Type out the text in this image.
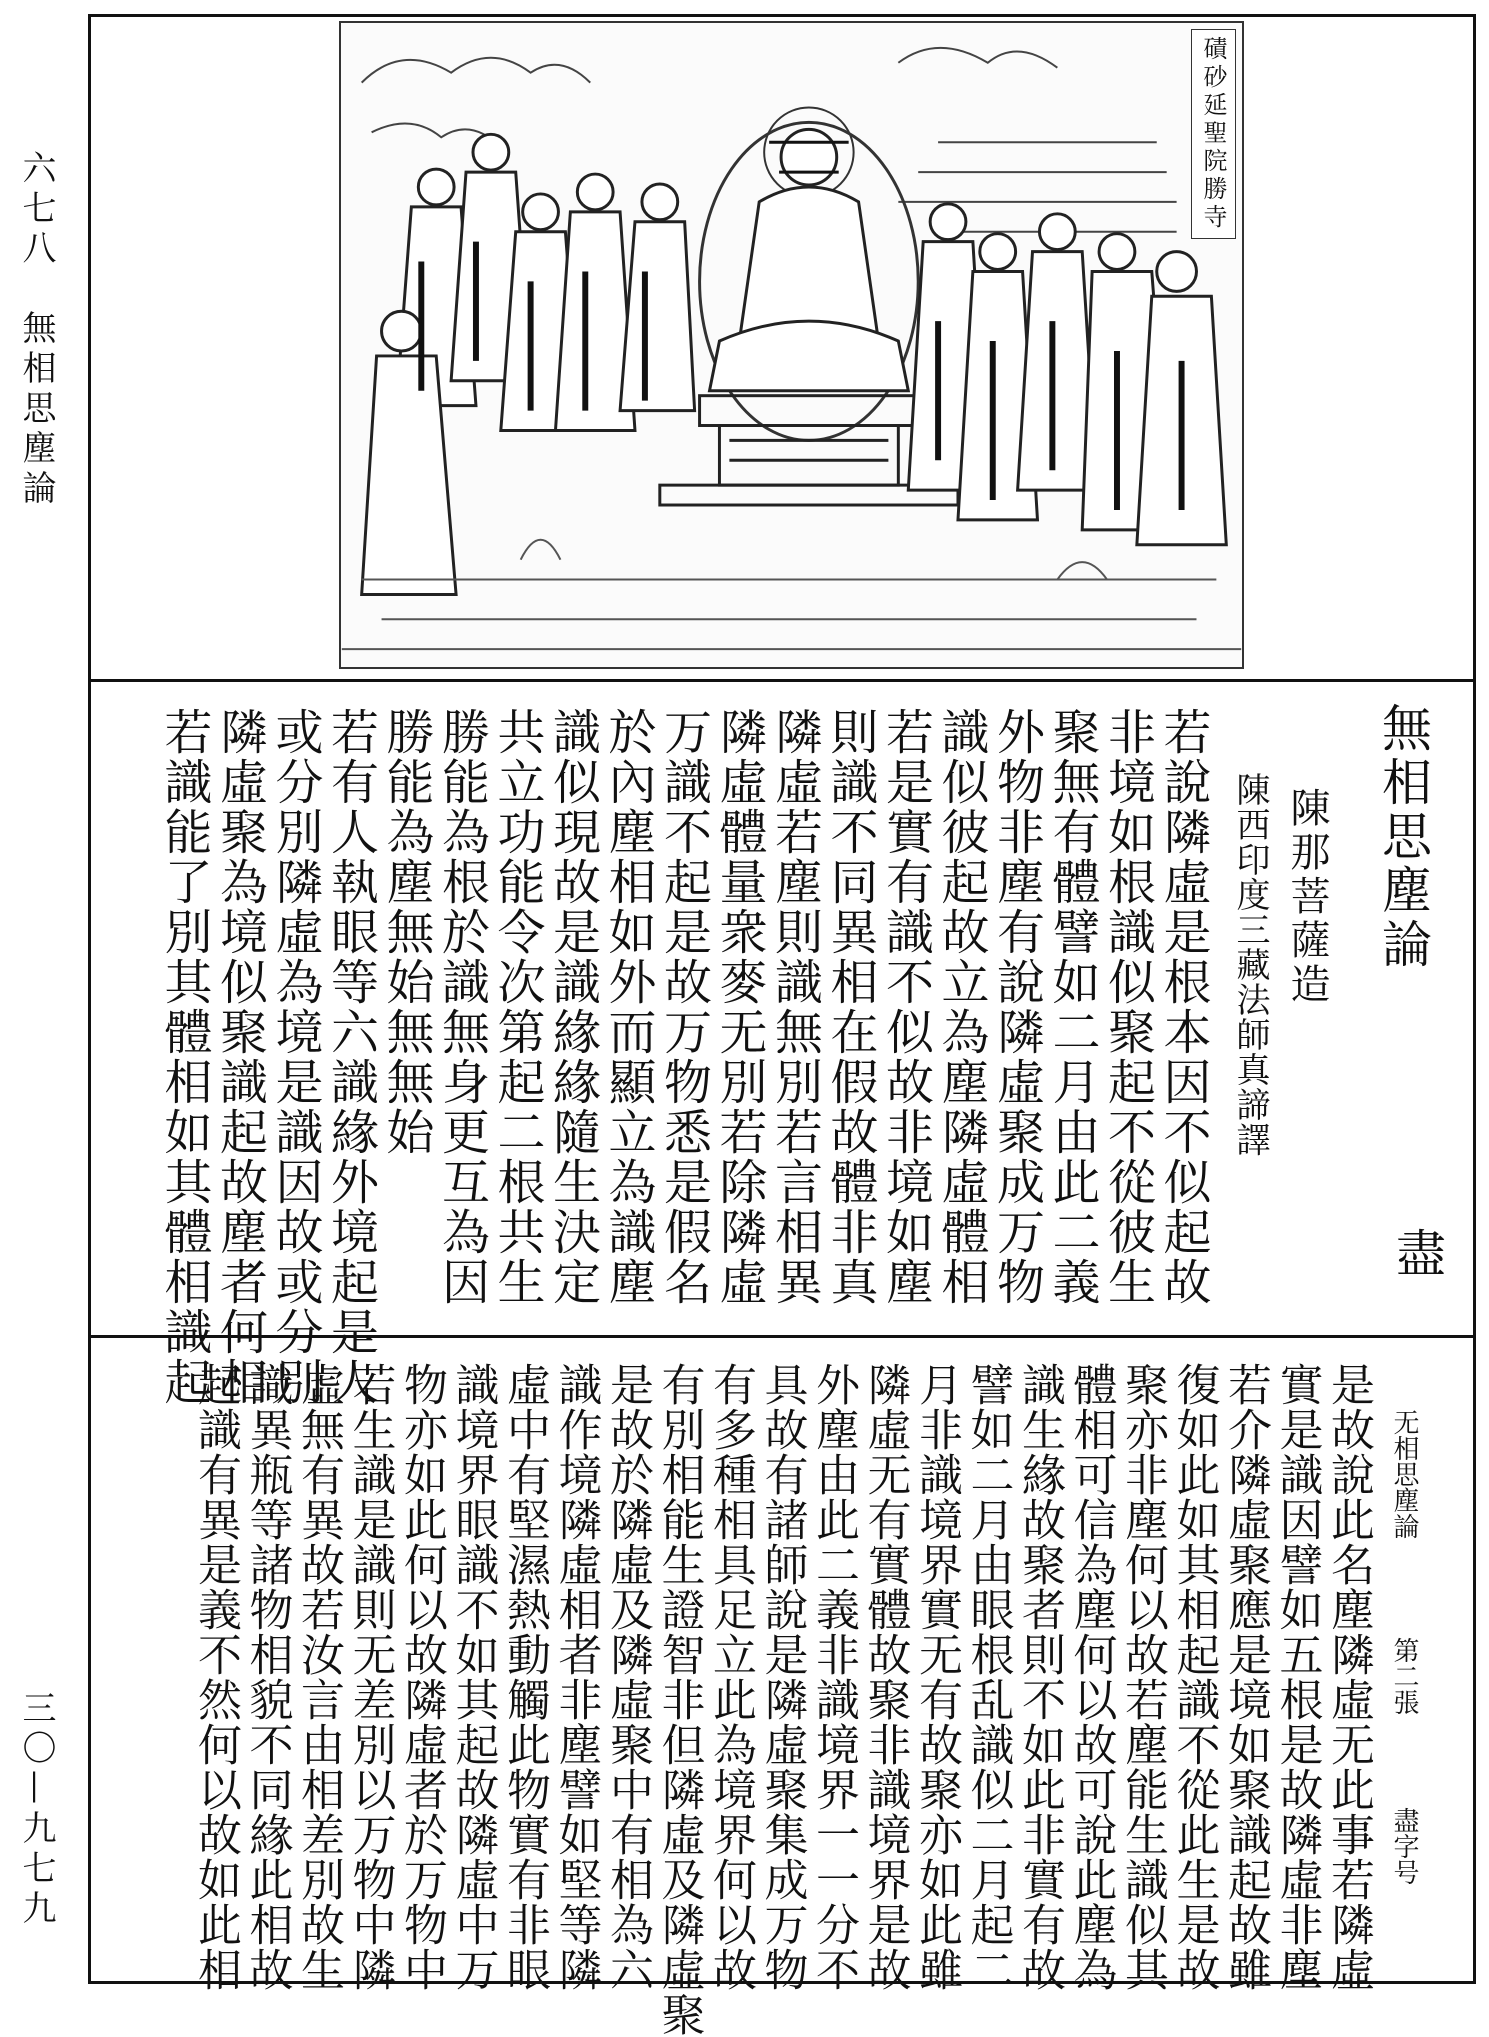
六七八　無相思塵論
三〇—九七九
磧砂延聖院勝寺
無相思塵論
陳那菩薩造
陳西印度三藏法師真諦譯
盡
若說隣虛是根本因不似起故
非境如根識似聚起不從彼生
聚無有體譬如二月由此二義
外物非塵有說隣虛聚成万物
識似彼起故立為塵隣虛體相
若是實有識不似故非境如塵
則識不同異相在假故體非真
隣虛若塵則識無別若言相異
隣虛體量衆麥无別若除隣虛
万識不起是故万物悉是假名
於內塵相如外而顯立為識塵
識似現故是識緣緣隨生決定
共立功能令次第起二根共生
勝能為根於識無身更互為因
勝能為塵無始無無始
若有人執眼等六識緣外境起是人
或分別隣虛為境是識因故或分別
隣虛聚為境似聚識起故塵者何相
若識能了別其體相如其體相識起
无相思塵論
第二張
盡字号
是故說此名塵隣虛无此事若隣虛
實是識因譬如五根是故隣虛非塵
若介隣虛聚應是境如聚識起故雖
復如此如其相起識不從此生是故
聚亦非塵何以故若塵能生識似其
體相可信為塵何以故可說此塵為
識生緣故聚者則不如此非實有故
譬如二月由眼根乱識似二月起二
月非識境界實无有故聚亦如此雖
隣虛无有實體故聚非識境界是故
外塵由此二義非識境界一一分不
具故有諸師說是隣虛聚集成万物
有多種相具足立此為境界何以故
有別相能生證智非但隣虛及隣虛聚
是故於隣虛及隣虛聚中有相為六
識作境隣虛相者非塵譬如堅等隣
虛中有堅濕熱動觸此物實有非眼
識境界眼識不如其起故隣虛中万
物亦如此何以故隣虛者於万物中
若生識是識則无差別以万物中隣
虛無有異故若汝言由相差別故生
識異瓶等諸物相貌不同緣此相故
起識有異是義不然何以故如此相
